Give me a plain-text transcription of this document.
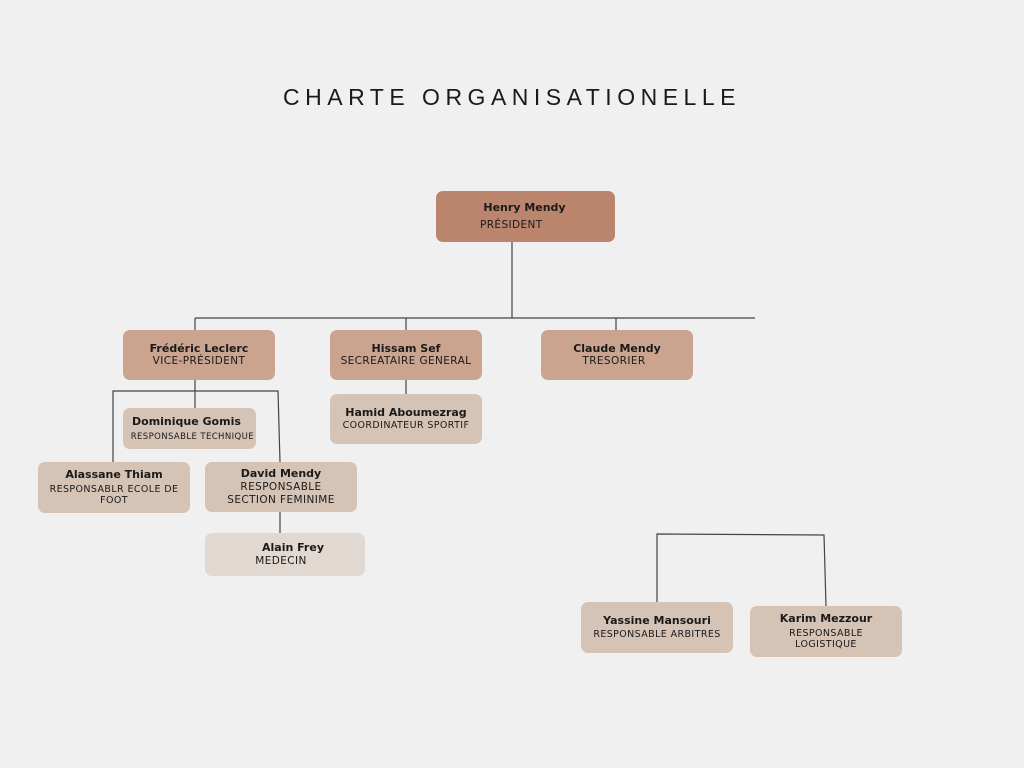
CHARTE ORGANISATIONELLE
Henry Mendy
PRÉSIDENT
Frédéric Leclerc
VICE-PRÉSIDENT
Hissam Sef
SECREATAIRE GENERAL
Claude Mendy
TRESORIER
Hamid Aboumezrag
COORDINATEUR SPORTIF
Dominique Gomis
RESPONSABLE TECHNIQUE
Alassane Thiam
RESPONSABLR ECOLE DE
FOOT
David Mendy
RESPONSABLE
SECTION FEMINIME
Alain Frey
MEDECIN
Yassine Mansouri
RESPONSABLE ARBITRES
Karim Mezzour
RESPONSABLE
LOGISTIQUE
